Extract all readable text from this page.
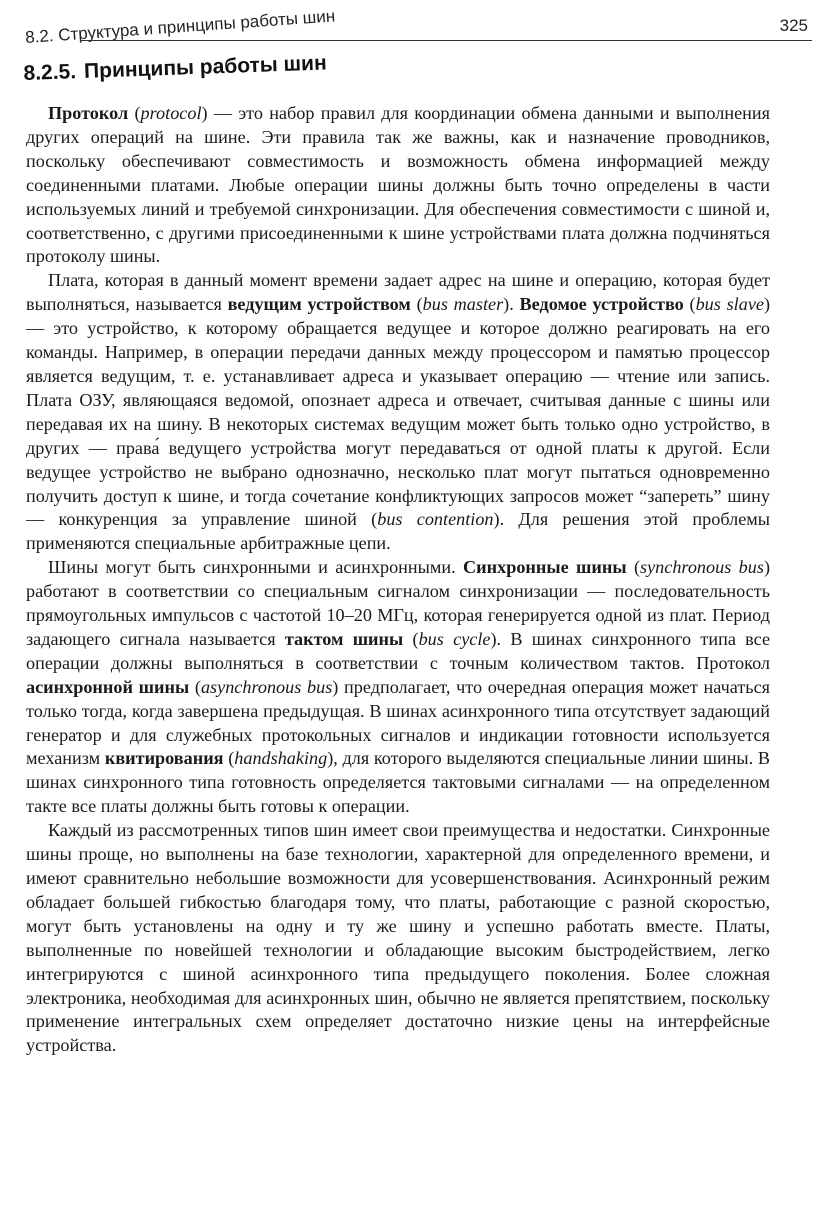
8.2. Структура и принципы работы шин	325
8.2.5. Принципы работы шин

Протокол (protocol) — это набор правил для координации обмена данными и выполнения других операций на шине. Эти правила так же важны, как и назначение проводников, поскольку обеспечивают совместимость и возможность обмена информацией между соединенными платами. Любые операции шины должны быть точно определены в части используемых линий и требуемой синхронизации. Для обеспечения совместимости с шиной и, соответственно, с другими присоединенными к шине устройствами плата должна подчиняться протоколу шины.

Плата, которая в данный момент времени задает адрес на шине и операцию, которая будет выполняться, называется ведущим устройством (bus master). Ведомое устройство (bus slave) — это устройство, к которому обращается ведущее и которое должно реагировать на его команды. Например, в операции передачи данных между процессором и памятью процессор является ведущим, т. е. устанавливает адреса и указывает операцию — чтение или запись. Плата ОЗУ, являющаяся ведомой, опознает адреса и отвечает, считывая данные с шины или передавая их на шину. В некоторых системах ведущим может быть только одно устройство, в других — права́ ведущего устройства могут передаваться от одной платы к другой. Если ведущее устройство не выбрано однозначно, несколько плат могут пытаться одновременно получить доступ к шине, и тогда сочетание конфликтующих запросов может “запереть” шину — конкуренция за управление шиной (bus contention). Для решения этой проблемы применяются специальные арбитражные цепи.

Шины могут быть синхронными и асинхронными. Синхронные шины (synchronous bus) работают в соответствии со специальным сигналом синхронизации — последовательность прямоугольных импульсов с частотой 10–20 МГц, которая генерируется одной из плат. Период задающего сигнала называется тактом шины (bus cycle). В шинах синхронного типа все операции должны выполняться в соответствии с точным количеством тактов. Протокол асинхронной шины (asynchronous bus) предполагает, что очередная операция может начаться только тогда, когда завершена предыдущая. В шинах асинхронного типа отсутствует задающий генератор и для служебных протокольных сигналов и индикации готовности используется механизм квитирования (handshaking), для которого выделяются специальные линии шины. В шинах синхронного типа готовность определяется тактовыми сигналами — на определенном такте все платы должны быть готовы к операции.

Каждый из рассмотренных типов шин имеет свои преимущества и недостатки. Синхронные шины проще, но выполнены на базе технологии, характерной для определенного времени, и имеют сравнительно небольшие возможности для усовершенствования. Асинхронный режим обладает большей гибкостью благодаря тому, что платы, работающие с разной скоростью, могут быть установлены на одну и ту же шину и успешно работать вместе. Платы, выполненные по новейшей технологии и обладающие высоким быстродействием, легко интегрируются с шиной асинхронного типа предыдущего поколения. Более сложная электроника, необходимая для асинхронных шин, обычно не является препятствием, поскольку применение интегральных схем определяет достаточно низкие цены на интерфейсные устройства.
